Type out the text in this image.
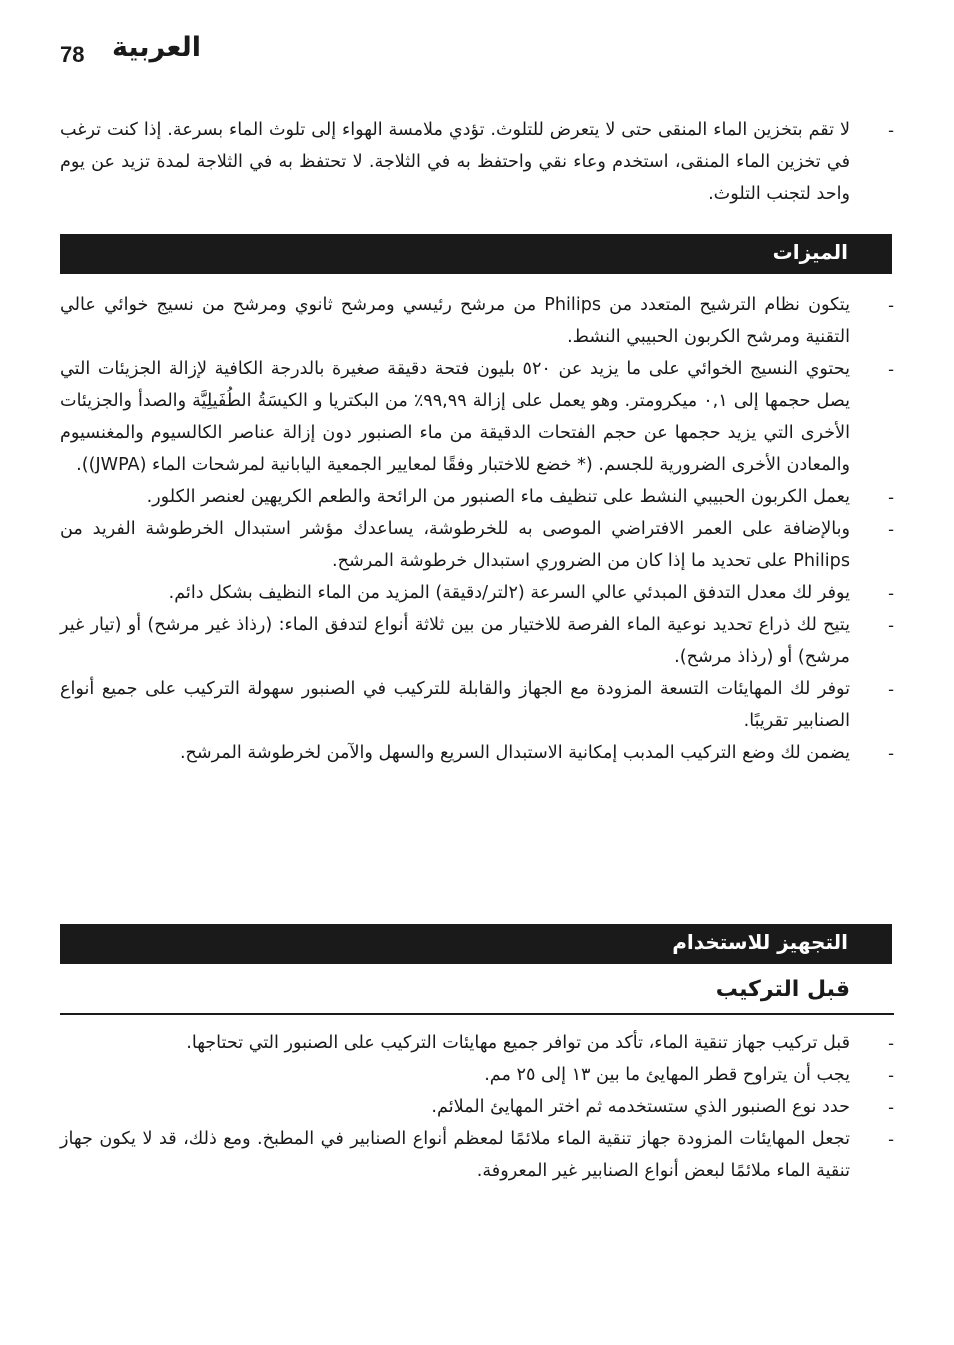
78 العربية
- لا تقم بتخزين الماء المنقى حتى لا يتعرض للتلوث. تؤدي ملامسة الهواء إلى تلوث الماء بسرعة. إذا كنت ترغب في تخزين الماء المنقى، استخدم وعاء نقي واحتفظ به في الثلاجة. لا تحتفظ به في الثلاجة لمدة تزيد عن يوم واحد لتجنب التلوث.
الميزات
- يتكون نظام الترشيح المتعدد من Philips من مرشح رئيسي ومرشح ثانوي ومرشح من نسيج خوائي عالي التقنية ومرشح الكربون الحبيبي النشط.
- يحتوي النسيج الخوائي على ما يزيد عن ٥٢٠ بليون فتحة دقيقة صغيرة بالدرجة الكافية لإزالة الجزيئات التي يصل حجمها إلى ٠,١ ميكرومتر. وهو يعمل على إزالة ٩٩,٩٩٪ من البكتريا و الكيسَةُ الطُفَيلِيَّة والصدأ والجزيئات الأخرى التي يزيد حجمها عن حجم الفتحات الدقيقة من ماء الصنبور دون إزالة عناصر الكالسيوم والمغنسيوم والمعادن الأخرى الضرورية للجسم. (* خضع للاختبار وفقًا لمعايير الجمعية اليابانية لمرشحات الماء (JWPA)).
- يعمل الكربون الحبيبي النشط على تنظيف ماء الصنبور من الرائحة والطعم الكريهين لعنصر الكلور.
- وبالإضافة على العمر الافتراضي الموصى به للخرطوشة، يساعدك مؤشر استبدال الخرطوشة الفريد من Philips على تحديد ما إذا كان من الضروري استبدال خرطوشة المرشح.
- يوفر لك معدل التدفق المبدئي عالي السرعة (٢لتر/دقيقة) المزيد من الماء النظيف بشكل دائم.
- يتيح لك ذراع تحديد نوعية الماء الفرصة للاختيار من بين ثلاثة أنواع لتدفق الماء: (رذاذ غير مرشح) أو (تيار غير مرشح) أو (رذاذ مرشح).
- توفر لك المهايئات التسعة المزودة مع الجهاز والقابلة للتركيب في الصنبور سهولة التركيب على جميع أنواع الصنابير تقريبًا.
- يضمن لك وضع التركيب المدبب إمكانية الاستبدال السريع والسهل والآمن لخرطوشة المرشح.
التجهيز للاستخدام
قبل التركيب
- قبل تركيب جهاز تنقية الماء، تأكد من توافر جميع مهايئات التركيب على الصنبور التي تحتاجها.
- يجب أن يتراوح قطر المهايئ ما بين ١٣ إلى ٢٥ مم.
- حدد نوع الصنبور الذي ستستخدمه ثم اختر المهايئ الملائم.
- تجعل المهايئات المزودة جهاز تنقية الماء ملائمًا لمعظم أنواع الصنابير في المطبخ. ومع ذلك، قد لا يكون جهاز تنقية الماء ملائمًا لبعض أنواع الصنابير غير المعروفة.
